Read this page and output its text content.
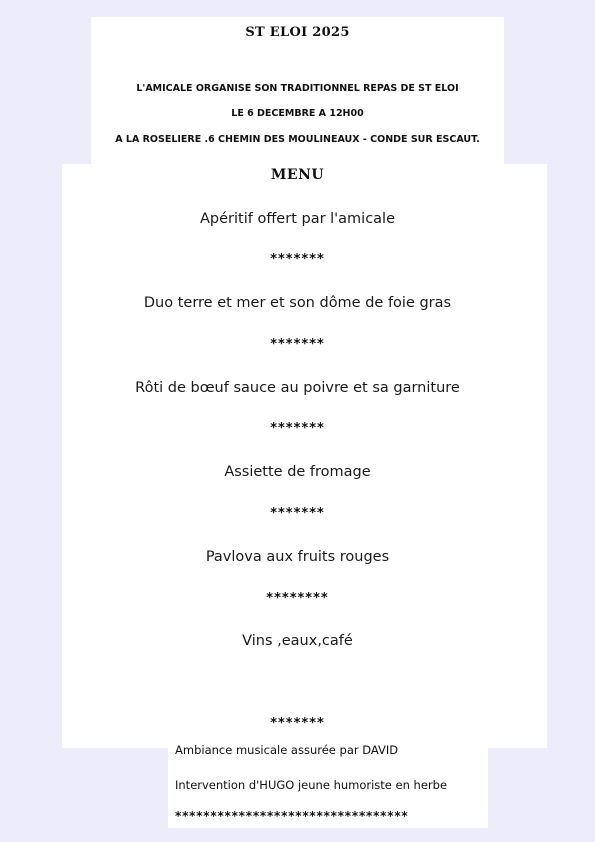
ST ELOI 2025
L'AMICALE ORGANISE SON TRADITIONNEL REPAS DE ST ELOI
LE 6 DECEMBRE A 12H00
A LA ROSELIERE .6 CHEMIN DES MOULINEAUX - CONDE SUR ESCAUT.
MENU
Apéritif offert par l'amicale
*******
Duo terre et mer et son dôme de foie gras
*******
Rôti de bœuf sauce au poivre et sa garniture
*******
Assiette de fromage
*******
Pavlova aux fruits rouges
********
Vins ,eaux,café
*******
Ambiance musicale assurée par DAVID
Intervention d'HUGO jeune humoriste en herbe
*********************************
